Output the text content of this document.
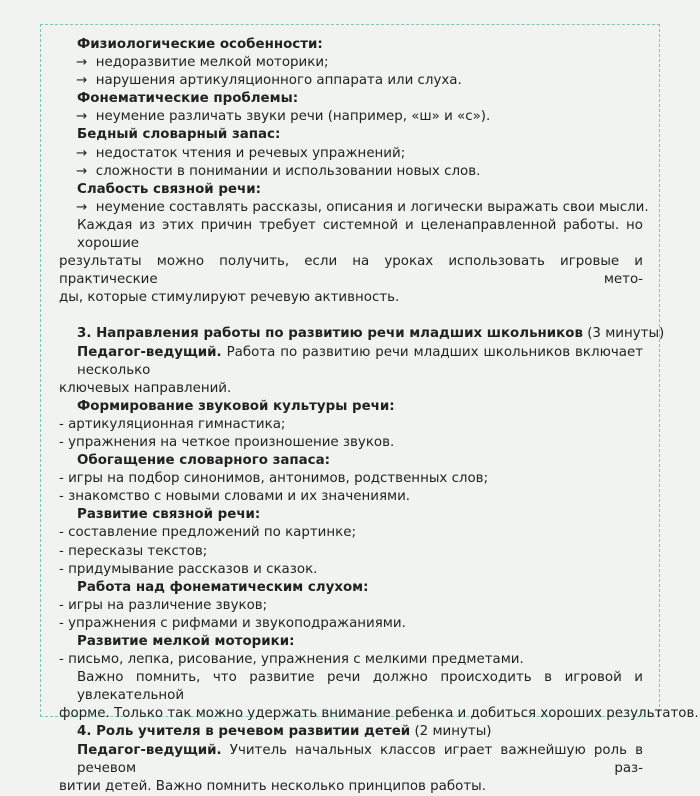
Физиологические особенности:
→ недоразвитие мелкой моторики;
→ нарушения артикуляционного аппарата или слуха.
Фонематические проблемы:
→ неумение различать звуки речи (например, «ш» и «с»).
Бедный словарный запас:
→ недостаток чтения и речевых упражнений;
→ сложности в понимании и использовании новых слов.
Слабость связной речи:
→ неумение составлять рассказы, описания и логически выражать свои мысли.
Каждая из этих причин требует системной и целенаправленной работы. но хорошие
результаты можно получить, если на уроках использовать игровые и практические мето-
ды, которые стимулируют речевую активность.
3. Направления работы по развитию речи младших школьников (3 минуты)
Педагог-ведущий. Работа по развитию речи младших школьников включает несколько
ключевых направлений.
Формирование звуковой культуры речи:
- артикуляционная гимнастика;
- упражнения на четкое произношение звуков.
Обогащение словарного запаса:
- игры на подбор синонимов, антонимов, родственных слов;
- знакомство с новыми словами и их значениями.
Развитие связной речи:
- составление предложений по картинке;
- пересказы текстов;
- придумывание рассказов и сказок.
Работа над фонематическим слухом:
- игры на различение звуков;
- упражнения с рифмами и звукоподражаниями.
Развитие мелкой моторики:
- письмо, лепка, рисование, упражнения с мелкими предметами.
Важно помнить, что развитие речи должно происходить в игровой и увлекательной
форме. Только так можно удержать внимание ребенка и добиться хороших результатов.
4. Роль учителя в речевом развитии детей (2 минуты)
Педагог-ведущий. Учитель начальных классов играет важнейшую роль в речевом раз-
витии детей. Важно помнить несколько принципов работы.
